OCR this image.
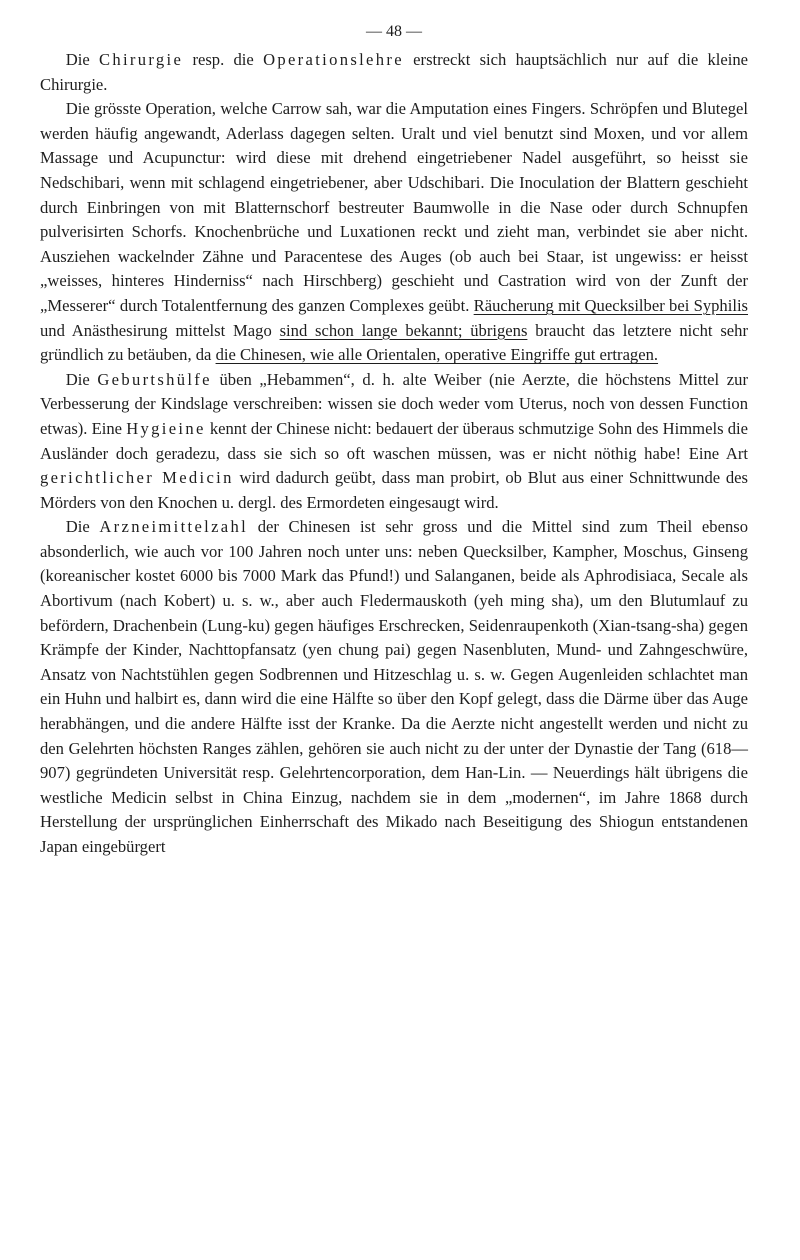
— 48 —

Die Chirurgie resp. die Operationslehre erstreckt sich hauptsächlich nur auf die kleine Chirurgie.

Die grösste Operation, welche Carrow sah, war die Amputation eines Fingers. Schröpfen und Blutegel werden häufig angewandt, Aderlass dagegen selten. Uralt und viel benutzt sind Moxen, und vor allem Massage und Acupunctur: wird diese mit drehend eingetriebener Nadel ausgeführt, so heisst sie Nedschibari, wenn mit schlagend eingetriebener, aber Udschibari. Die Inoculation der Blattern geschieht durch Einbringen von mit Blatternschorf bestreuter Baumwolle in die Nase oder durch Schnupfen pulverisirten Schorfs. Knochenbrüche und Luxationen reckt und zieht man, verbindet sie aber nicht. Ausziehen wackelnder Zähne und Paracentese des Auges (ob auch bei Staar, ist ungewiss: er heisst „weisses, hinteres Hinderniss“ nach Hirschberg) geschieht und Castration wird von der Zunft der „Messerer“ durch Totalentfernung des ganzen Complexes geübt. Räucherung mit Quecksilber bei Syphilis und Anästhesirung mittelst Mago sind schon lange bekannt; übrigens braucht das letztere nicht sehr gründlich zu betäuben, da die Chinesen, wie alle Orientalen, operative Eingriffe gut ertragen.

Die Geburtshülfe üben „Hebammen“, d. h. alte Weiber (nie Aerzte, die höchstens Mittel zur Verbesserung der Kindslage verschreiben: wissen sie doch weder vom Uterus, noch von dessen Function etwas). Eine Hygieine kennt der Chinese nicht: bedauert der überaus schmutzige Sohn des Himmels die Ausländer doch geradezu, dass sie sich so oft waschen müssen, was er nicht nöthig habe! Eine Art gerichtlicher Medicin wird dadurch geübt, dass man probirt, ob Blut aus einer Schnittwunde des Mörders von den Knochen u. dergl. des Ermordeten eingesaugt wird.

Die Arzneimittelzahl der Chinesen ist sehr gross und die Mittel sind zum Theil ebenso absonderlich, wie auch vor 100 Jahren noch unter uns: neben Quecksilber, Kampher, Moschus, Ginseng (koreanischer kostet 6000 bis 7000 Mark das Pfund!) und Salanganen, beide als Aphrodisiaca, Secale als Abortivum (nach Kobert) u. s. w., aber auch Fledermauskoth (yeh ming sha), um den Blutumlauf zu befördern, Drachenbein (Lung-ku) gegen häufiges Erschrecken, Seidenraupenkoth (Xian-tsang-sha) gegen Krämpfe der Kinder, Nachttopfansatz (yen chung pai) gegen Nasenbluten, Mund- und Zahngeschwüre, Ansatz von Nachtstühlen gegen Sodbrennen und Hitzeschlag u. s. w. Gegen Augenleiden schlachtet man ein Huhn und halbirt es, dann wird die eine Hälfte so über den Kopf gelegt, dass die Därme über das Auge herabhängen, und die andere Hälfte isst der Kranke. Da die Aerzte nicht angestellt werden und nicht zu den Gelehrten höchsten Ranges zählen, gehören sie auch nicht zu der unter der Dynastie der Tang (618—907) gegründeten Universität resp. Gelehrtencorporation, dem Han-Lin. — Neuerdings hält übrigens die westliche Medicin selbst in China Einzug, nachdem sie in dem „modernen“, im Jahre 1868 durch Herstellung der ursprünglichen Einherrschaft des Mikado nach Beseitigung des Shiogun entstandenen Japan eingebürgert
